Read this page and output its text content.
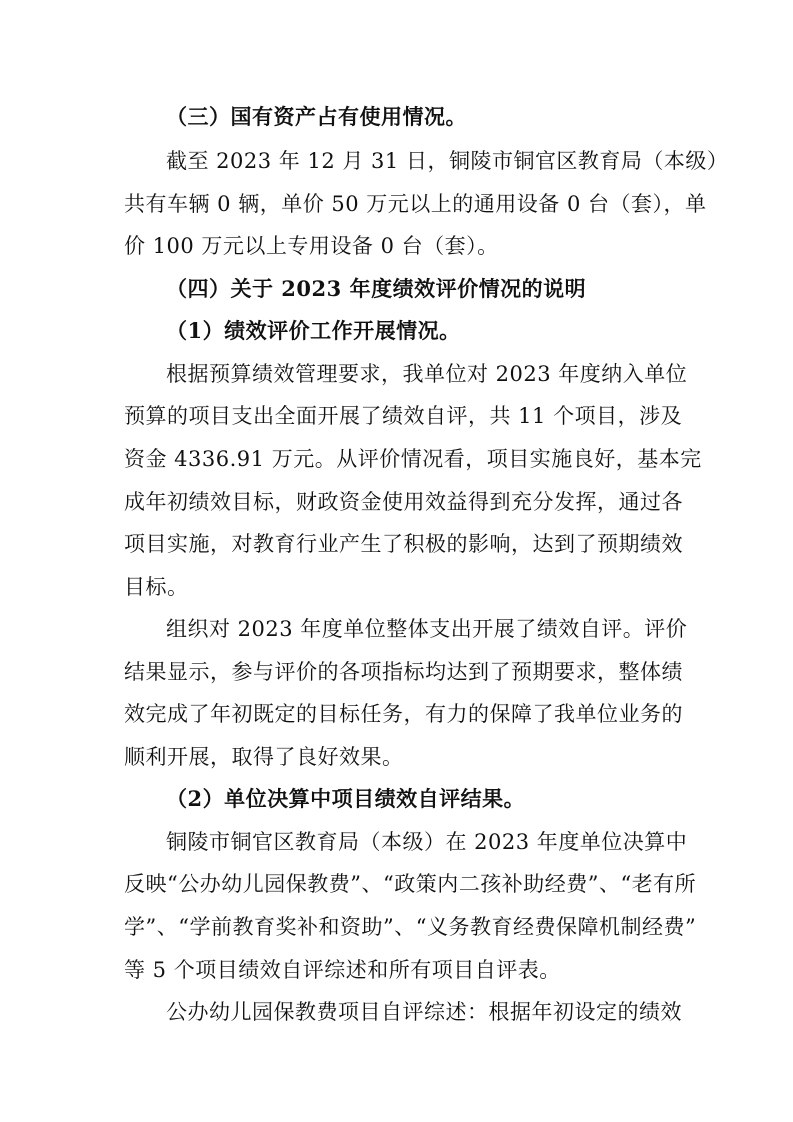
（三）国有资产占有使用情况。
截至 2023 年 12 月 31 日，铜陵市铜官区教育局（本级）
共有车辆 0 辆，单价 50 万元以上的通用设备 0 台（套），单
价 100 万元以上专用设备 0 台（套）。
（四）关于 2023 年度绩效评价情况的说明
（1）绩效评价工作开展情况。
根据预算绩效管理要求，我单位对 2023 年度纳入单位
预算的项目支出全面开展了绩效自评，共 11 个项目，涉及
资金 4336.91 万元。从评价情况看，项目实施良好，基本完
成年初绩效目标，财政资金使用效益得到充分发挥，通过各
项目实施，对教育行业产生了积极的影响，达到了预期绩效
目标。
组织对 2023 年度单位整体支出开展了绩效自评。评价
结果显示，参与评价的各项指标均达到了预期要求，整体绩
效完成了年初既定的目标任务，有力的保障了我单位业务的
顺利开展，取得了良好效果。
（2）单位决算中项目绩效自评结果。
铜陵市铜官区教育局（本级）在 2023 年度单位决算中
反映“公办幼儿园保教费”、“政策内二孩补助经费”、“老有所
学”、“学前教育奖补和资助”、“义务教育经费保障机制经费”
等 5 个项目绩效自评综述和所有项目自评表。
公办幼儿园保教费项目自评综述：根据年初设定的绩效
